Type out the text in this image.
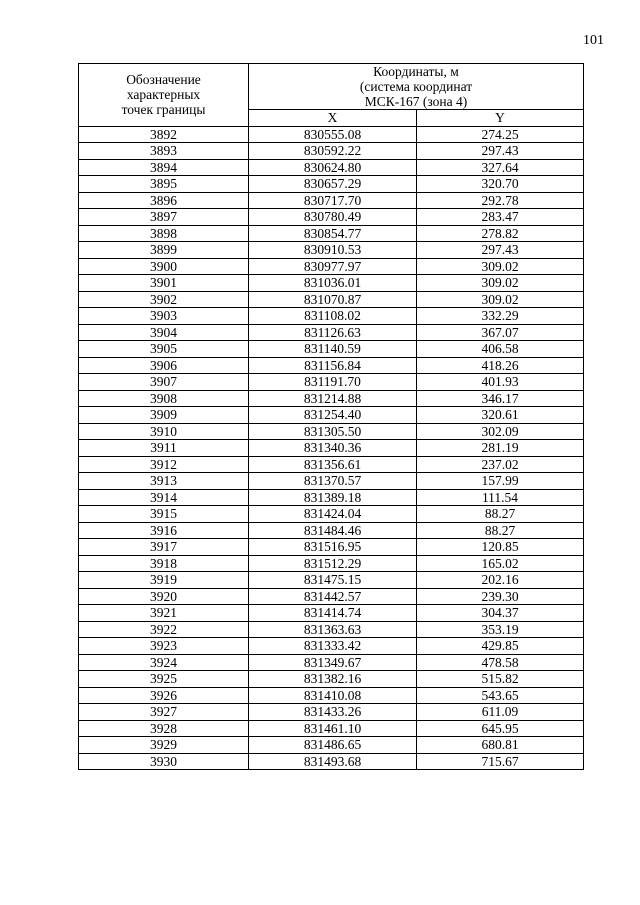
101
Обозначение
характерных
точек границы	Координаты, м
(система координат
МСК-167 (зона 4)	

	X	Y
3892	830555.08	274.25
3893	830592.22	297.43
3894	830624.80	327.64
3895	830657.29	320.70
3896	830717.70	292.78
3897	830780.49	283.47
3898	830854.77	278.82
3899	830910.53	297.43
3900	830977.97	309.02
3901	831036.01	309.02
3902	831070.87	309.02
3903	831108.02	332.29
3904	831126.63	367.07
3905	831140.59	406.58
3906	831156.84	418.26
3907	831191.70	401.93
3908	831214.88	346.17
3909	831254.40	320.61
3910	831305.50	302.09
3911	831340.36	281.19
3912	831356.61	237.02
3913	831370.57	157.99
3914	831389.18	111.54
3915	831424.04	88.27
3916	831484.46	88.27
3917	831516.95	120.85
3918	831512.29	165.02
3919	831475.15	202.16
3920	831442.57	239.30
3921	831414.74	304.37
3922	831363.63	353.19
3923	831333.42	429.85
3924	831349.67	478.58
3925	831382.16	515.82
3926	831410.08	543.65
3927	831433.26	611.09
3928	831461.10	645.95
3929	831486.65	680.81
3930	831493.68	715.67
